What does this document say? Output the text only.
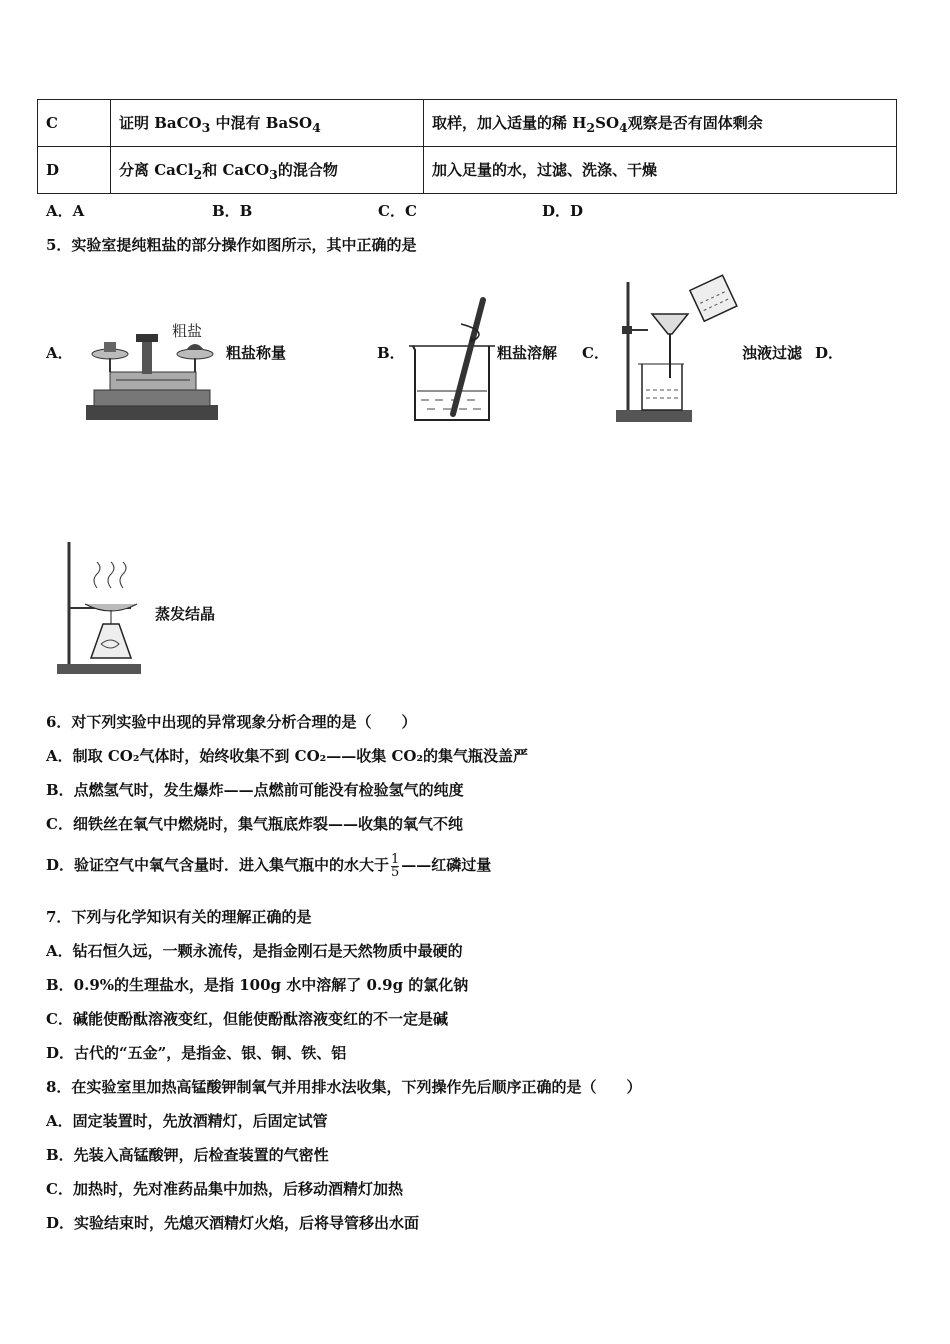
C	证明 BaCO$_3$ 中混有 BaSO$_4$	取样，加入适量的稀 $H_2SO_4$观察是否有固体剩余
D	分离 CaCl$_2$和 CaCO$_3$的混合物	加入足量的水，过滤、洗涤、干燥
A．A	B．B	C．C	D．D
5．实验室提纯粗盐的部分操作如图所示，其中正确的是
A．
粗盐
粗盐称量	B．	粗盐溶解 C．	浊液过滤 D．
蒸发结晶
6．对下列实验中出现的异常现象分析合理的是（　　）
A．制取 CO₂气体时，始终收集不到 CO₂——收集 CO₂的集气瓶没盖严
B．点燃氢气时，发生爆炸——点燃前可能没有检验氢气的纯度
C．细铁丝在氧气中燃烧时，集气瓶底炸裂——收集的氧气不纯
D．验证空气中氧气含量时．进入集气瓶中的水大于 $\frac{1}{5}$ ——红磷过量
7．下列与化学知识有关的理解正确的是
A．钻石恒久远，一颗永流传，是指金刚石是天然物质中最硬的
B．0.9%的生理盐水，是指 100g 水中溶解了 0.9g 的氯化钠
C．碱能使酚酞溶液变红，但能使酚酞溶液变红的不一定是碱
D．古代的“五金”，是指金、银、铜、铁、铝
8．在实验室里加热高锰酸钾制氧气并用排水法收集，下列操作先后顺序正确的是（　　）
A．固定装置时，先放酒精灯，后固定试管
B．先装入高锰酸钾，后检查装置的气密性
C．加热时，先对准药品集中加热，后移动酒精灯加热
D．实验结束时，先熄灭酒精灯火焰，后将导管移出水面
